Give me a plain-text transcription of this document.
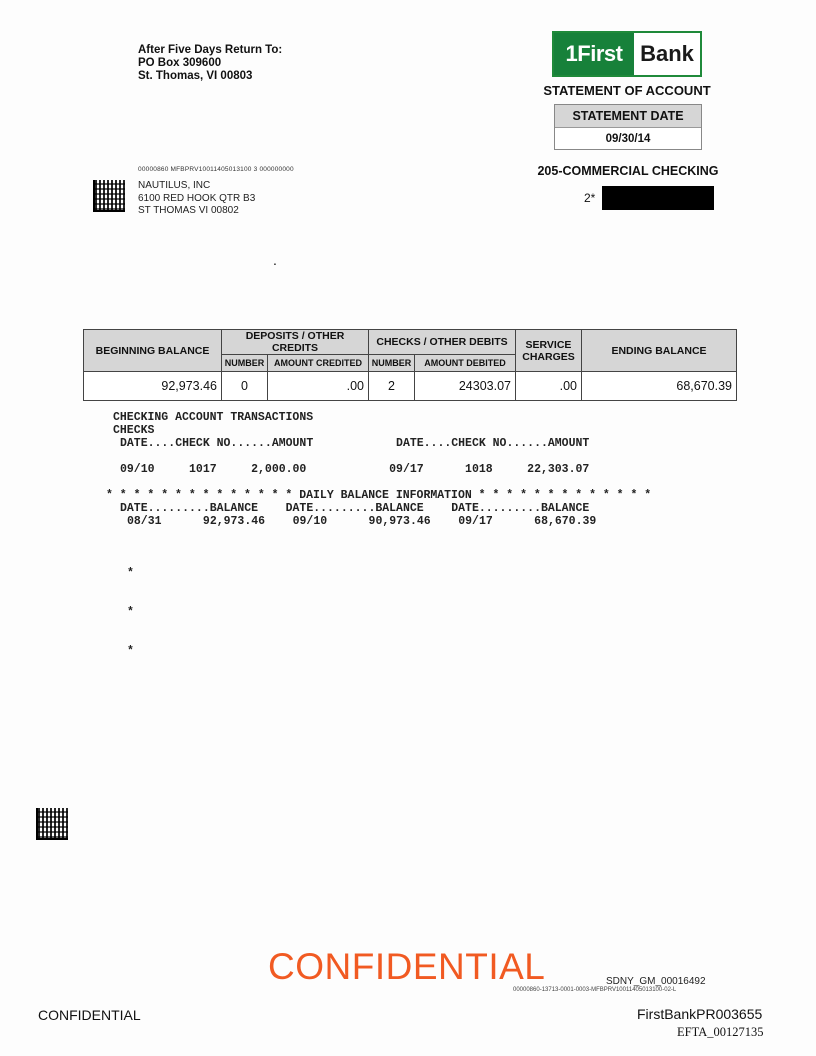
After Five Days Return To:
PO Box 309600
St. Thomas, VI 00803
1First Bank
STATEMENT OF ACCOUNT
STATEMENT DATE
09/30/14
205-COMMERCIAL CHECKING
2*
00000860 MFBPRV10011405013100 3 000000000
NAUTILUS, INC
6100 RED HOOK QTR B3
ST THOMAS VI 00802
.
BEGINNING BALANCE	DEPOSITS / OTHER CREDITS		CHECKS / OTHER DEBITS		SERVICE CHARGES	ENDING BALANCE
	NUMBER	AMOUNT CREDITED	NUMBER	AMOUNT DEBITED		
92,973.46	0	.00	2	24303.07	.00	68,670.39
CHECKING ACCOUNT TRANSACTIONS
CHECKS
DATE....CHECK NO......AMOUNT            DATE....CHECK NO......AMOUNT
09/10     1017     2,000.00            09/17      1018     22,303.07
* * * * * * * * * * * * * * DAILY BALANCE INFORMATION * * * * * * * * * * * * *
DATE.........BALANCE    DATE.........BALANCE    DATE.........BALANCE
08/31      92,973.46    09/10      90,973.46    09/17      68,670.39

*

*

*

CONFIDENTIAL	SDNY_GM_00016492
00000860-13713-0001-0003-MFBPRV10011405013100-02-L
CONFIDENTIAL	FirstBankPR003655
EFTA_00127135
